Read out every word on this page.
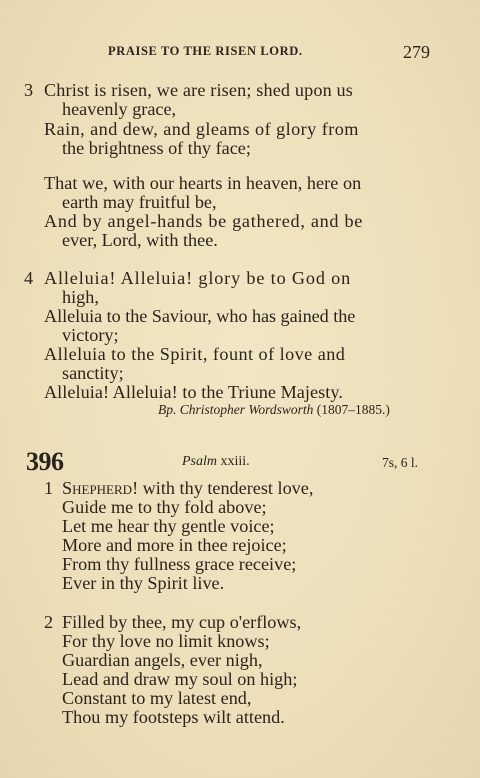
PRAISE TO THE RISEN LORD.	279
3 Christ is risen, we are risen; shed upon us
heavenly grace,
Rain, and dew, and gleams of glory from
the brightness of thy face;
That we, with our hearts in heaven, here on
earth may fruitful be,
And by angel-hands be gathered, and be
ever, Lord, with thee.
4 Alleluia! Alleluia! glory be to God on
high,
Alleluia to the Saviour, who has gained the
victory;
Alleluia to the Spirit, fount of love and
sanctity;
Alleluia! Alleluia! to the Triune Majesty.
Bp. Christopher Wordsworth (1807–1885.)
396	Psalm xxiii.	7s, 6 l.
1 Shepherd! with thy tenderest love,
Guide me to thy fold above;
Let me hear thy gentle voice;
More and more in thee rejoice;
From thy fullness grace receive;
Ever in thy Spirit live.
2 Filled by thee, my cup o'erflows,
For thy love no limit knows;
Guardian angels, ever nigh,
Lead and draw my soul on high;
Constant to my latest end,
Thou my footsteps wilt attend.
